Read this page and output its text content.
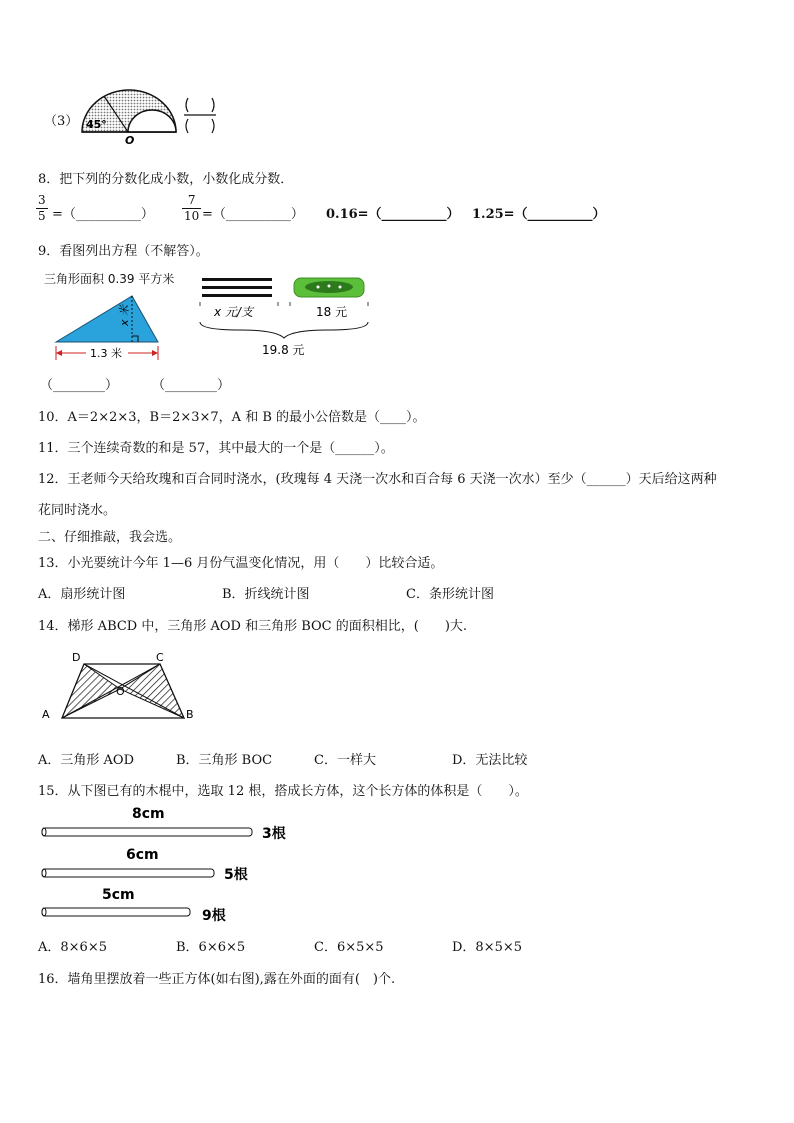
（3） 45°
O
8．把下列的分数化成小数，小数化成分数．
$\frac{3}{5}$ =（__________） $\frac{7}{10}$ =（__________） 0.16=（__________） 1.25=（__________）
9．看图列出方程（不解答）。
三角形面积 0.39 平方米
x 米
1.3 米
x 元/支	18 元
19.8 元
（________）	（________）
10．A＝2×2×3，B＝2×3×7，A 和 B 的最小公倍数是（____）。
11．三个连续奇数的和是 57，其中最大的一个是（______）。
12．王老师今天给玫瑰和百合同时浇水，(玫瑰每 4 天浇一次水和百合每 6 天浇一次水）至少（______）天后给这两种
花同时浇水。
二、仔细推敲，我会选。
13．小光要统计今年 1—6 月份气温变化情况，用（　　）比较合适。
A．扇形统计图	B．折线统计图	C．条形统计图
14．梯形 ABCD 中，三角形 AOD 和三角形 BOC 的面积相比，(　　)大.
D	C
O
A	B
A．三角形 AOD	B．三角形 BOC	C．一样大	D．无法比较
15．从下图已有的木棍中，选取 12 根，搭成长方体，这个长方体的体积是（　　）。
8cm
3根
6cm
5根
5cm
9根
A．8×6×5	B．6×6×5	C．6×5×5	D．8×5×5
16．墙角里摆放着一些正方体(如右图),露在外面的面有(　)个.
